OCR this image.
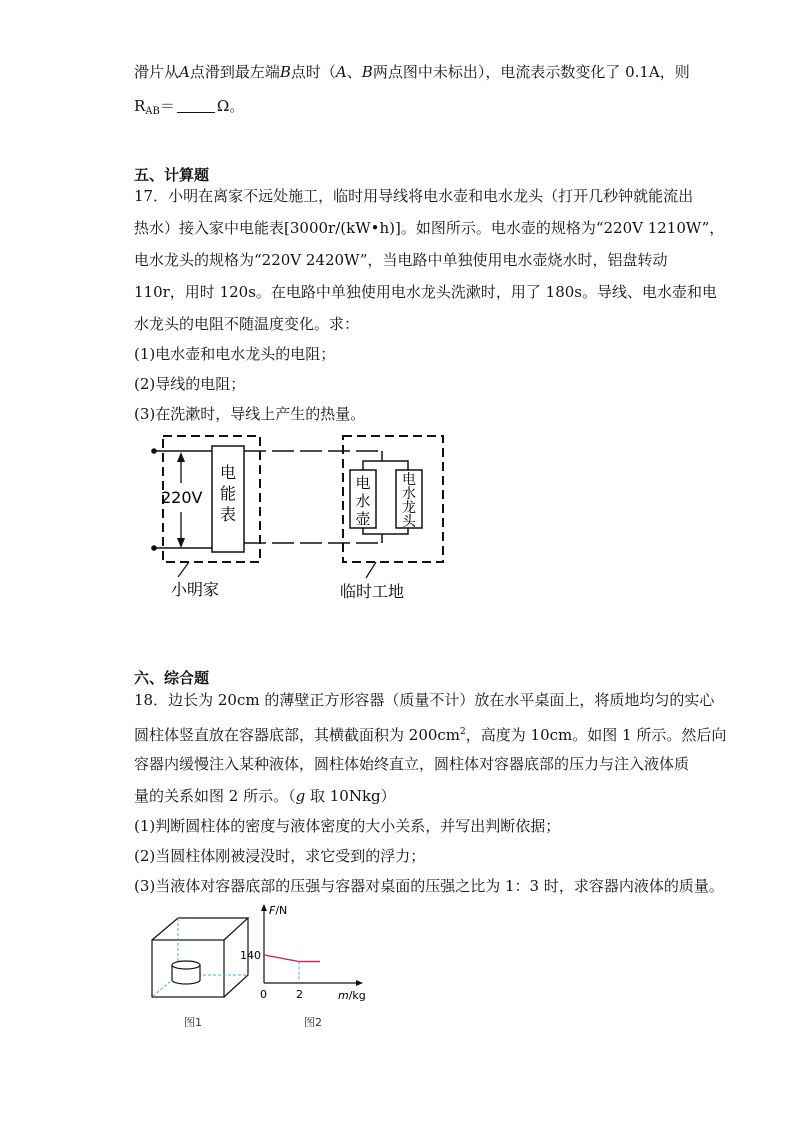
滑片从A点滑到最左端B点时（A、B两点图中未标出），电流表示数变化了 0.1A，则
$R_{AB}=$	Ω。
五、计算题
17．小明在离家不远处施工，临时用导线将电水壶和电水龙头（打开几秒钟就能流出
热水）接入家中电能表[3000r/(kW•h)]。如图所示。电水壶的规格为“220V 1210W”，
电水龙头的规格为“220V 2420W”，当电路中单独使用电水壶烧水时，铝盘转动
110r，用时 120s。在电路中单独使用电水龙头洗漱时，用了 180s。导线、电水壶和电
水龙头的电阻不随温度变化。求：
(1)电水壶和电水龙头的电阻；
(2)导线的电阻；
(3)在洗漱时，导线上产生的热量。
220V
电
能
表
电
水
壶
电
水
龙
头
小明家	临时工地
六、综合题
18．边长为 20cm 的薄壁正方形容器（质量不计）放在水平桌面上，将质地均匀的实心
圆柱体竖直放在容器底部，其横截面积为 $200cm^2$，高度为 10cm。如图 1 所示。然后向
容器内缓慢注入某种液体，圆柱体始终直立，圆柱体对容器底部的压力与注入液体质
量的关系如图 2 所示。（g 取 10Nkg）
(1)判断圆柱体的密度与液体密度的大小关系，并写出判断依据；
(2)当圆柱体刚被浸没时，求它受到的浮力；
(3)当液体对容器底部的压强与容器对桌面的压强之比为 1：3 时，求容器内液体的质量。
图1
F/N
m/kg
140
0	2
图2
